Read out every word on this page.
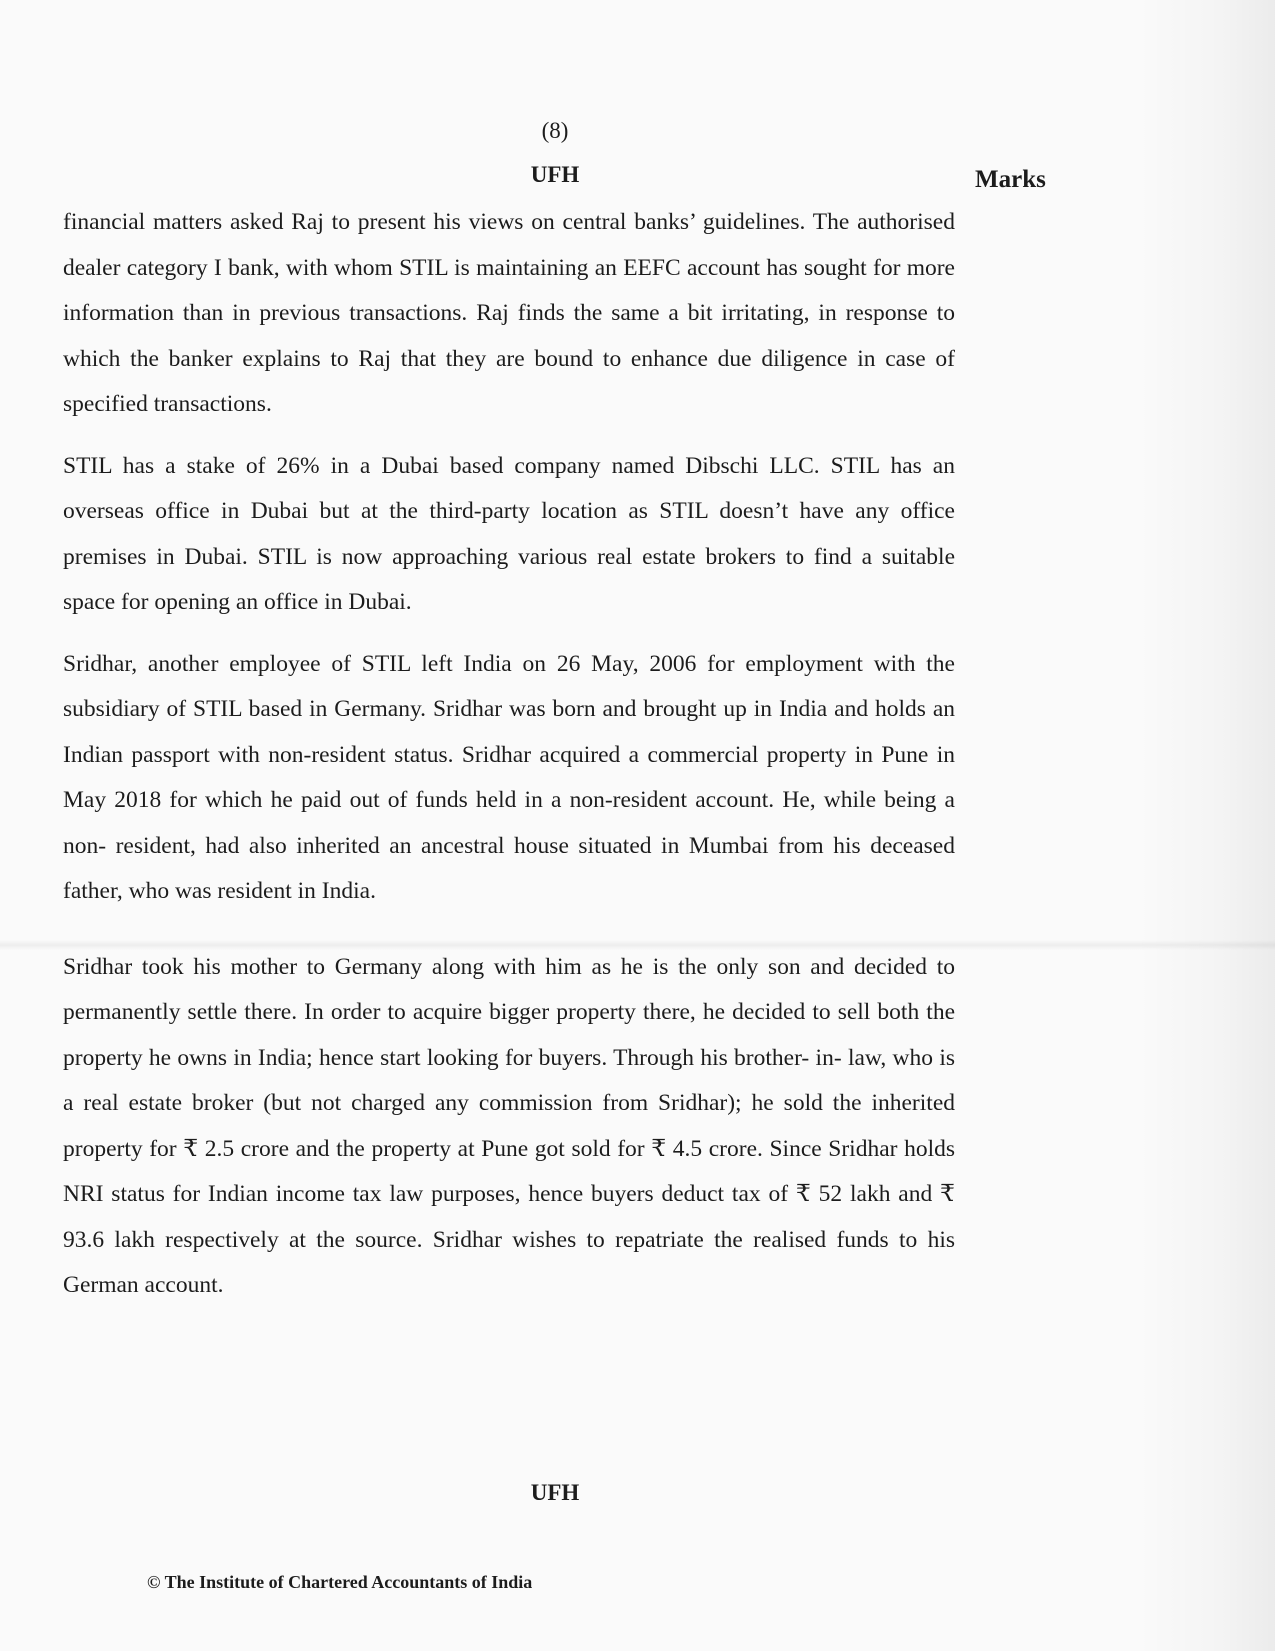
(8)
UFH	Marks

financial matters asked Raj to present his views on central banks’ guidelines. The authorised dealer category I bank, with whom STIL is maintaining an EEFC account has sought for more information than in previous transactions. Raj finds the same a bit irritating, in response to which the banker explains to Raj that they are bound to enhance due diligence in case of specified transactions.

STIL has a stake of 26% in a Dubai based company named Dibschi LLC. STIL has an overseas office in Dubai but at the third-party location as STIL doesn’t have any office premises in Dubai. STIL is now approaching various real estate brokers to find a suitable space for opening an office in Dubai.

Sridhar, another employee of STIL left India on 26 May, 2006 for employment with the subsidiary of STIL based in Germany. Sridhar was born and brought up in India and holds an Indian passport with non-resident status. Sridhar acquired a commercial property in Pune in May 2018 for which he paid out of funds held in a non-resident account. He, while being a non- resident, had also inherited an ancestral house situated in Mumbai from his deceased father, who was resident in India.

Sridhar took his mother to Germany along with him as he is the only son and decided to permanently settle there. In order to acquire bigger property there, he decided to sell both the property he owns in India; hence start looking for buyers. Through his brother- in- law, who is a real estate broker (but not charged any commission from Sridhar); he sold the inherited property for ₹ 2.5 crore and the property at Pune got sold for ₹ 4.5 crore. Since Sridhar holds NRI status for Indian income tax law purposes, hence buyers deduct tax of ₹ 52 lakh and ₹ 93.6 lakh respectively at the source. Sridhar wishes to repatriate the realised funds to his German account.

UFH
© The Institute of Chartered Accountants of India
